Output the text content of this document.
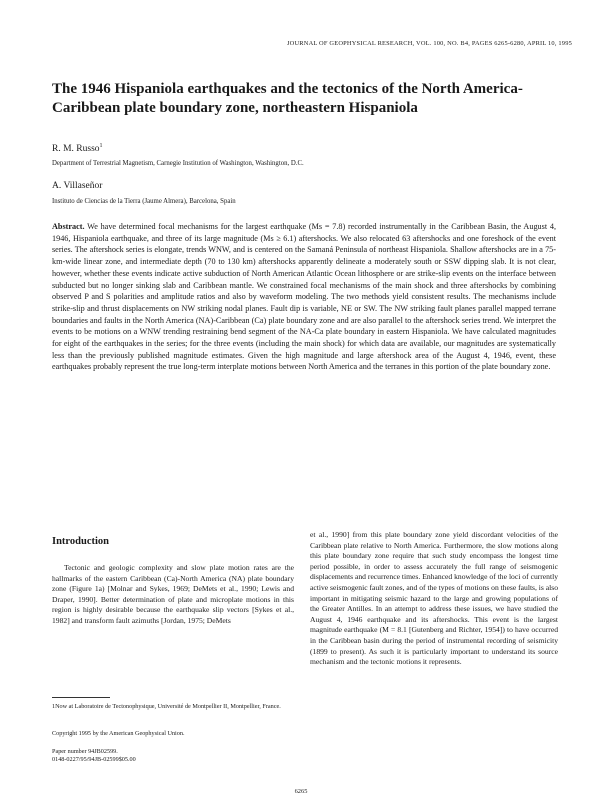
JOURNAL OF GEOPHYSICAL RESEARCH, VOL. 100, NO. B4, PAGES 6265-6280, APRIL 10, 1995
The 1946 Hispaniola earthquakes and the tectonics of the North America-Caribbean plate boundary zone, northeastern Hispaniola
R. M. Russo$^1$
Department of Terrestrial Magnetism, Carnegie Institution of Washington, Washington, D.C.
A. Villaseñor
Instituto de Ciencias de la Tierra (Jaume Almera), Barcelona, Spain
Abstract. We have determined focal mechanisms for the largest earthquake (Ms = 7.8) recorded instrumentally in the Caribbean Basin, the August 4, 1946, Hispaniola earthquake, and three of its large magnitude (Ms ≥ 6.1) aftershocks. We also relocated 63 aftershocks and one foreshock of the event series. The aftershock series is elongate, trends WNW, and is centered on the Samaná Peninsula of northeast Hispaniola. Shallow aftershocks are in a 75-km-wide linear zone, and intermediate depth (70 to 130 km) aftershocks apparently delineate a moderately south or SSW dipping slab. It is not clear, however, whether these events indicate active subduction of North American Atlantic Ocean lithosphere or are strike-slip events on the interface between subducted but no longer sinking slab and Caribbean mantle. We constrained focal mechanisms of the main shock and three aftershocks by combining observed P and S polarities and amplitude ratios and also by waveform modeling. The two methods yield consistent results. The mechanisms include strike-slip and thrust displacements on NW striking nodal planes. Fault dip is variable, NE or SW. The NW striking fault planes parallel mapped terrane boundaries and faults in the North America (NA)-Caribbean (Ca) plate boundary zone and are also parallel to the aftershock series trend. We interpret the events to be motions on a WNW trending restraining bend segment of the NA-Ca plate boundary in eastern Hispaniola. We have calculated magnitudes for eight of the earthquakes in the series; for the three events (including the main shock) for which data are available, our magnitudes are systematically less than the previously published magnitude estimates. Given the high magnitude and large aftershock area of the August 4, 1946, event, these earthquakes probably represent the true long-term interplate motions between North America and the terranes in this portion of the plate boundary zone.
Introduction

Tectonic and geologic complexity and slow plate motion rates are the hallmarks of the eastern Caribbean (Ca)-North America (NA) plate boundary zone (Figure 1a) [Molnar and Sykes, 1969; DeMets et al., 1990; Lewis and Draper, 1990]. Better determination of plate and microplate motions in this region is highly desirable because the earthquake slip vectors [Sykes et al., 1982] and transform fault azimuths [Jordan, 1975; DeMets

et al., 1990] from this plate boundary zone yield discordant velocities of the Caribbean plate relative to North America. Furthermore, the slow motions along this plate boundary zone require that such study encompass the longest time period possible, in order to assess accurately the full range of seismogenic displacements and recurrence times. Enhanced knowledge of the loci of currently active seismogenic fault zones, and of the types of motions on these faults, is also important in mitigating seismic hazard to the large and growing populations of the Greater Antilles. In an attempt to address these issues, we have studied the August 4, 1946 earthquake and its aftershocks. This event is the largest magnitude earthquake (M = 8.1 [Gutenberg and Richter, 1954]) to have occurred in the Caribbean basin during the period of instrumental recording of seismicity (1899 to present). As such it is particularly important to understand its source mechanism and the tectonic motions it represents.

1Now at Laboratoire de Tectonophysique, Université de Montpellier II, Montpellier, France.
Copyright 1995 by the American Geophysical Union.
Paper number 94JB02599.
0148-0227/95/94JB-02599$05.00
6265
